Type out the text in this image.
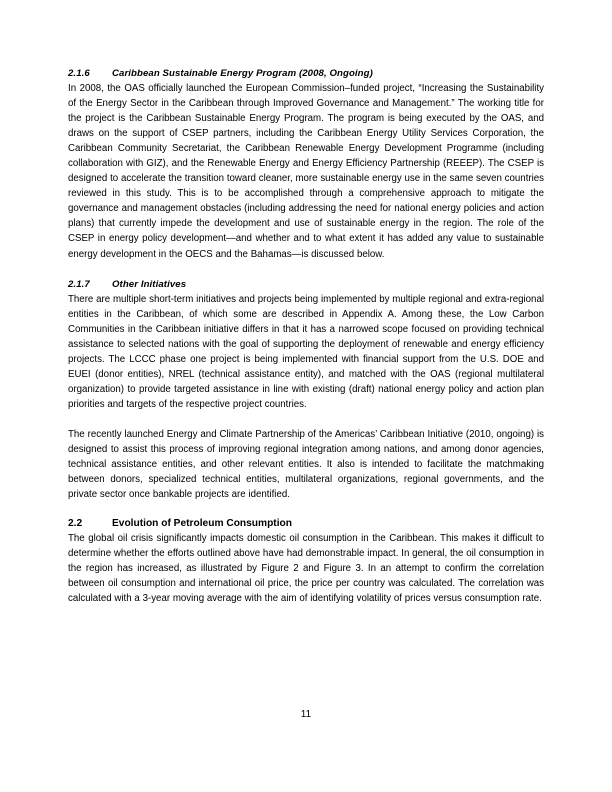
2.1.6 Caribbean Sustainable Energy Program (2008, Ongoing)

In 2008, the OAS officially launched the European Commission–funded project, “Increasing the Sustainability of the Energy Sector in the Caribbean through Improved Governance and Management.” The working title for the project is the Caribbean Sustainable Energy Program. The program is being executed by the OAS, and draws on the support of CSEP partners, including the Caribbean Energy Utility Services Corporation, the Caribbean Community Secretariat, the Caribbean Renewable Energy Development Programme (including collaboration with GIZ), and the Renewable Energy and Energy Efficiency Partnership (REEEP). The CSEP is designed to accelerate the transition toward cleaner, more sustainable energy use in the same seven countries reviewed in this study. This is to be accomplished through a comprehensive approach to mitigate the governance and management obstacles (including addressing the need for national energy policies and action plans) that currently impede the development and use of sustainable energy in the region. The role of the CSEP in energy policy development—and whether and to what extent it has added any value to sustainable energy development in the OECS and the Bahamas—is discussed below.

2.1.7 Other Initiatives

There are multiple short-term initiatives and projects being implemented by multiple regional and extra-regional entities in the Caribbean, of which some are described in Appendix A. Among these, the Low Carbon Communities in the Caribbean initiative differs in that it has a narrowed scope focused on providing technical assistance to selected nations with the goal of supporting the deployment of renewable and energy efficiency projects. The LCCC phase one project is being implemented with financial support from the U.S. DOE and EUEI (donor entities), NREL (technical assistance entity), and matched with the OAS (regional multilateral organization) to provide targeted assistance in line with existing (draft) national energy policy and action plan priorities and targets of the respective project countries.

The recently launched Energy and Climate Partnership of the Americas’ Caribbean Initiative (2010, ongoing) is designed to assist this process of improving regional integration among nations, and among donor agencies, technical assistance entities, and other relevant entities. It also is intended to facilitate the matchmaking between donors, specialized technical entities, multilateral organizations, regional governments, and the private sector once bankable projects are identified.

2.2	Evolution of Petroleum Consumption

The global oil crisis significantly impacts domestic oil consumption in the Caribbean. This makes it difficult to determine whether the efforts outlined above have had demonstrable impact. In general, the oil consumption in the region has increased, as illustrated by Figure 2 and Figure 3. In an attempt to confirm the correlation between oil consumption and international oil price, the price per country was calculated. The correlation was calculated with a 3-year moving average with the aim of identifying volatility of prices versus consumption rate.

11
